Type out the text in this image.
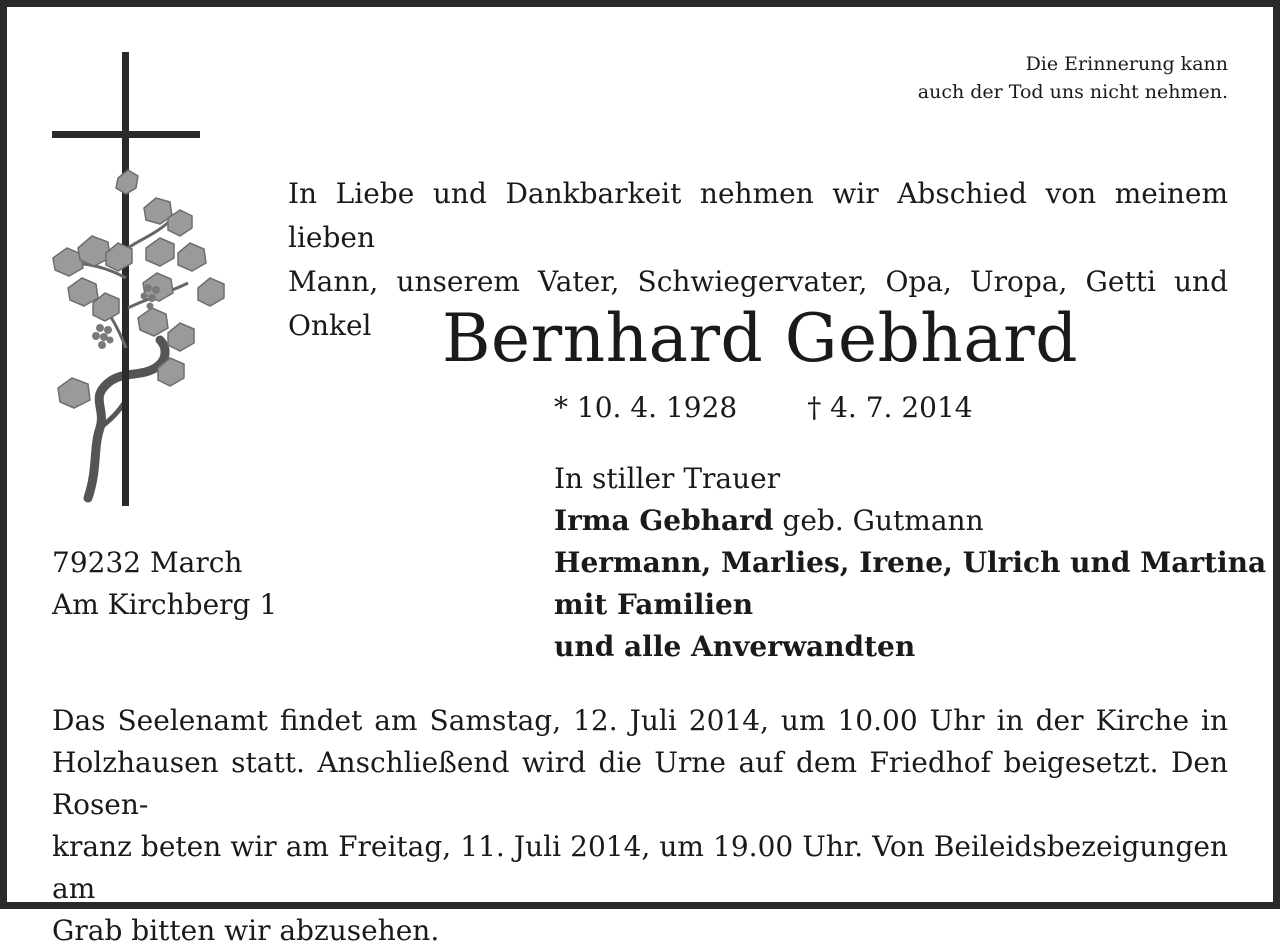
Die Erinnerung kann
auch der Tod uns nicht nehmen.
In Liebe und Dankbarkeit nehmen wir Abschied von meinem lieben
Mann, unserem Vater, Schwiegervater, Opa, Uropa, Getti und Onkel	Bernhard Gebhard
* 10. 4. 1928	† 4. 7. 2014
In stiller Trauer
Irma Gebhard geb. Gutmann
Hermann, Marlies, Irene, Ulrich und Martina
mit Familien
und alle Anverwandten
79232 March
Am Kirchberg 1
Das Seelenamt findet am Samstag, 12. Juli 2014, um 10.00 Uhr in der Kirche in
Holzhausen statt. Anschließend wird die Urne auf dem Friedhof beigesetzt. Den Rosen-
kranz beten wir am Freitag, 11. Juli 2014, um 19.00 Uhr. Von Beileidsbezeigungen am
Grab bitten wir abzusehen.
